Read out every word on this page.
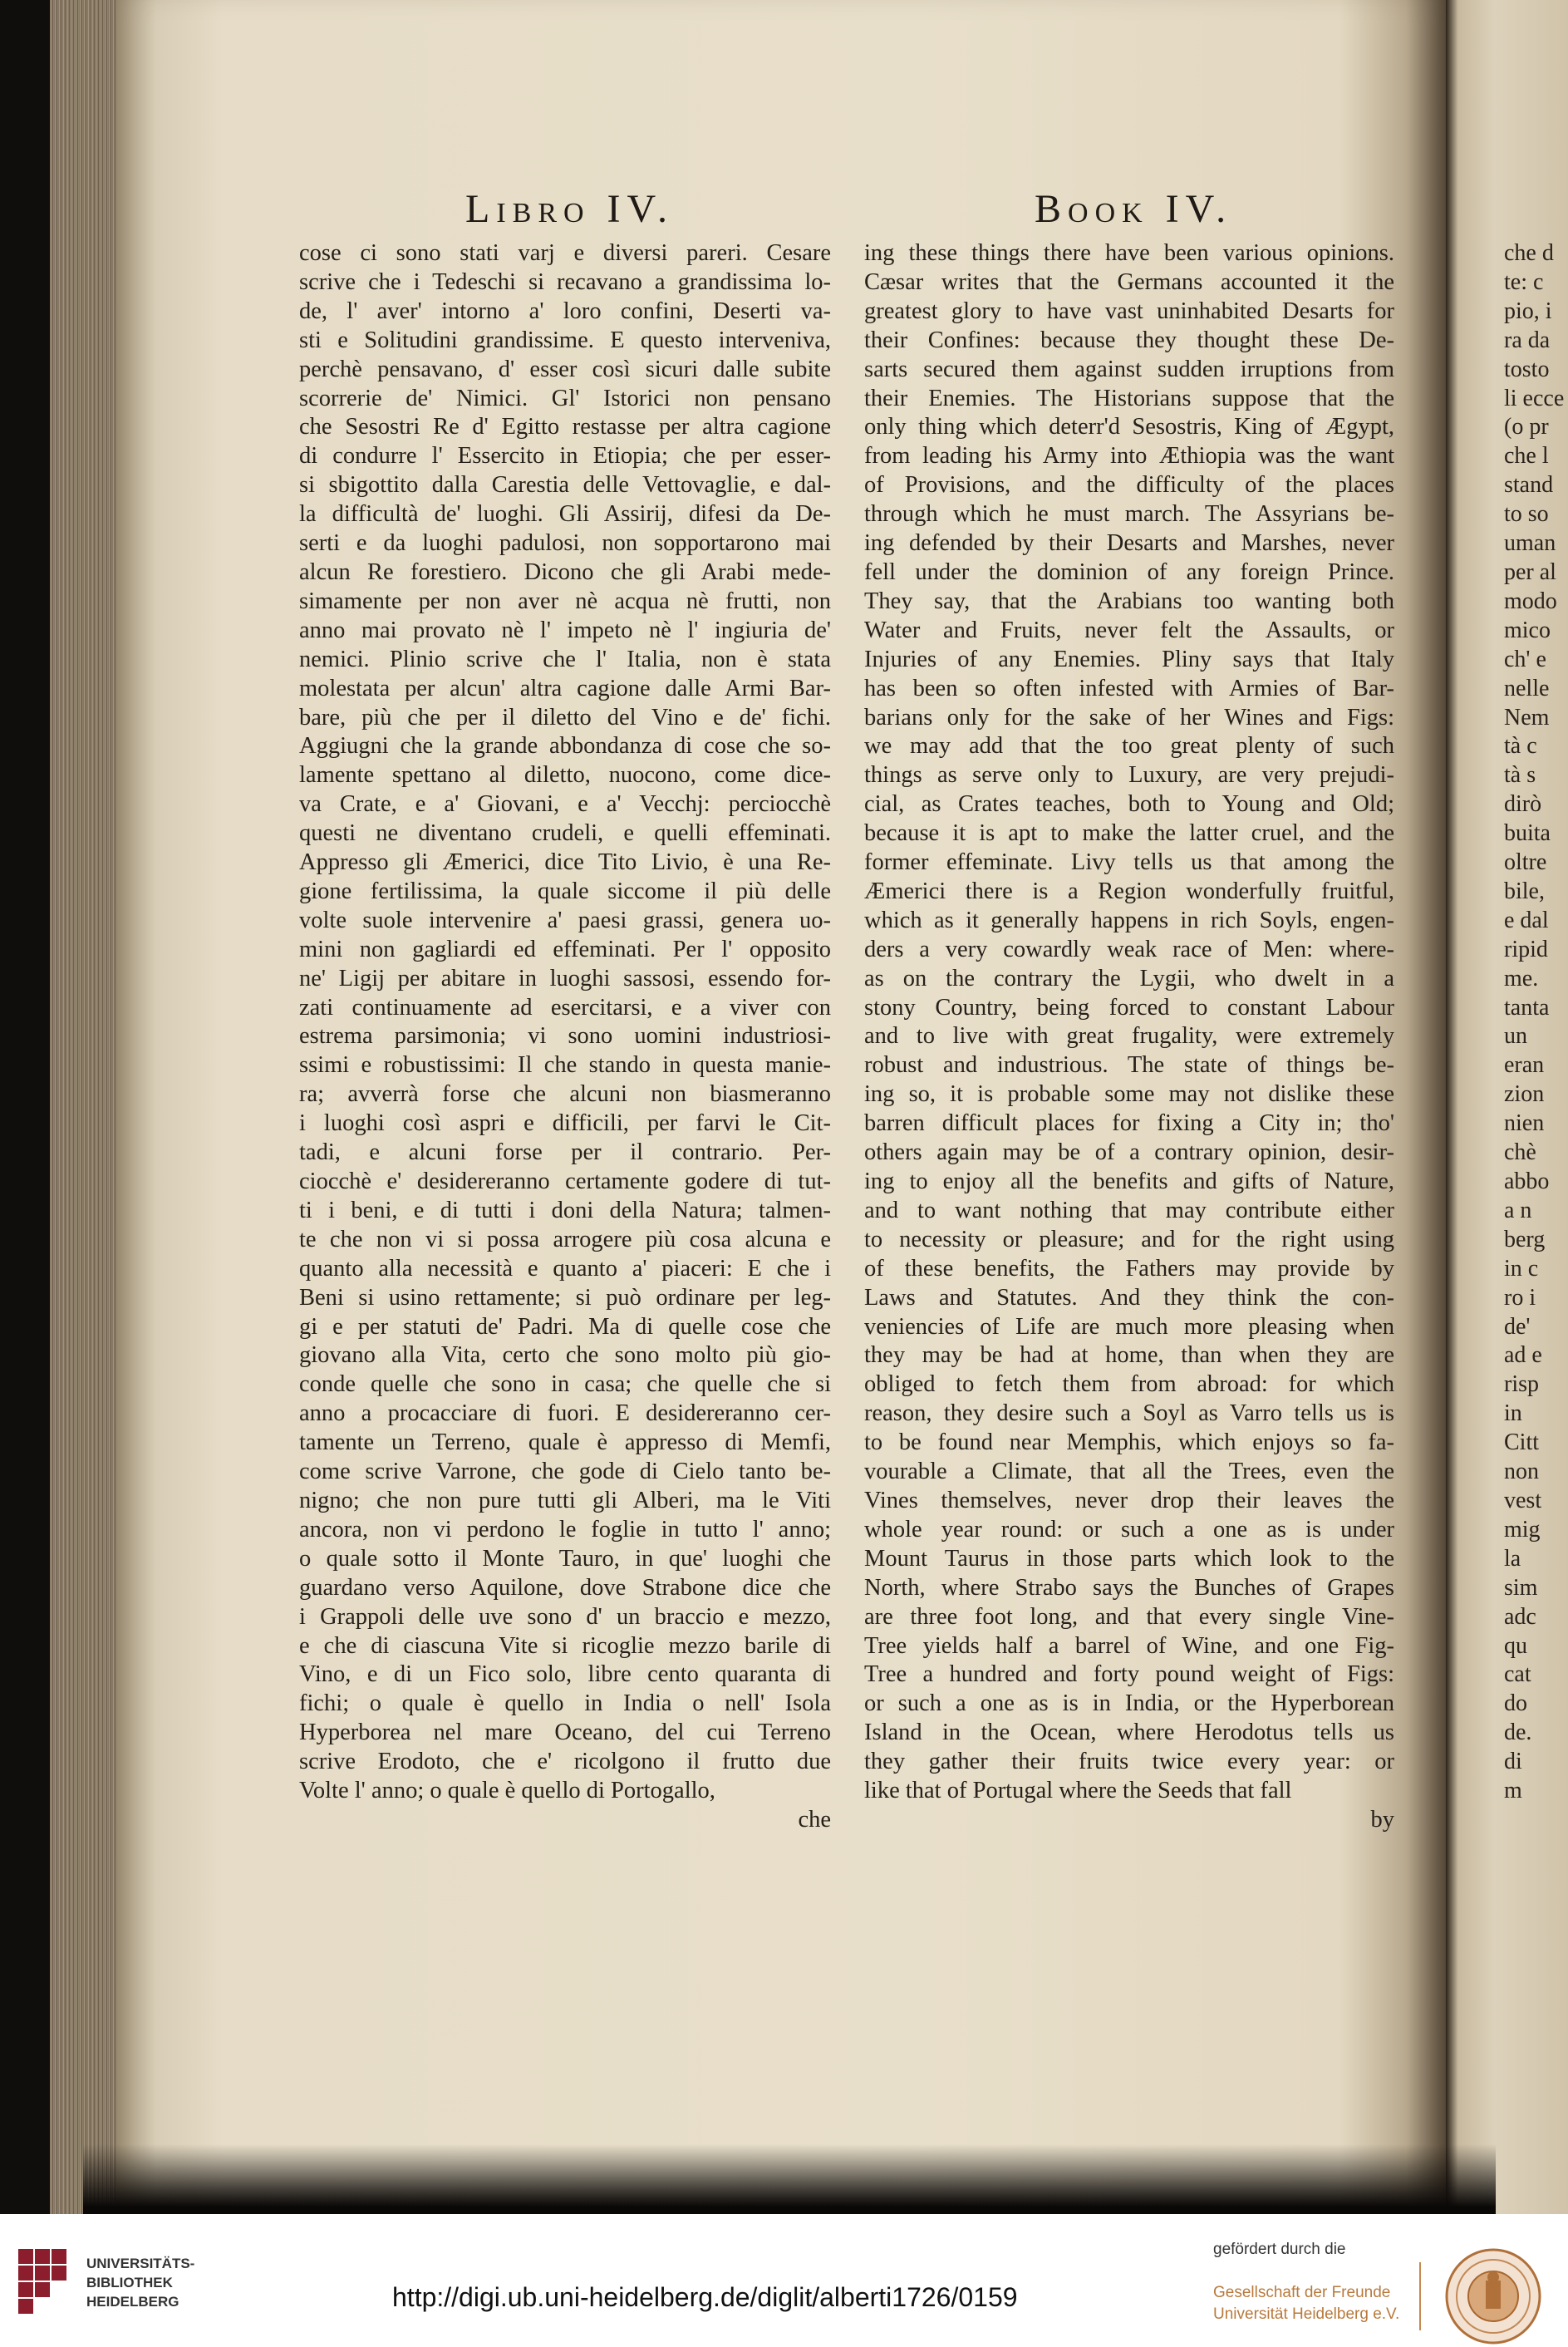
Libro IV.	Book IV.
cose ci sono stati varj e diversi pareri. Cesare
scrive che i Tedeschi si recavano a grandissima lo-
de, l' aver' intorno a' loro confini, Deserti va-
sti e Solitudini grandissime. E questo interveniva,
perchè pensavano, d' esser così sicuri dalle subite
scorrerie de' Nimici. Gl' Istorici non pensano
che Sesostri Re d' Egitto restasse per altra cagione
di condurre l' Essercito in Etiopia; che per esser-
si sbigottito dalla Carestia delle Vettovaglie, e dal-
la difficultà de' luoghi. Gli Assirij, difesi da De-
serti e da luoghi padulosi, non sopportarono mai
alcun Re forestiero. Dicono che gli Arabi mede-
simamente per non aver nè acqua nè frutti, non
anno mai provato nè l' impeto nè l' ingiuria de'
nemici. Plinio scrive che l' Italia, non è stata
molestata per alcun' altra cagione dalle Armi Bar-
bare, più che per il diletto del Vino e de' fichi.
Aggiugni che la grande abbondanza di cose che so-
lamente spettano al diletto, nuocono, come dice-
va Crate, e a' Giovani, e a' Vecchj: perciocchè
questi ne diventano crudeli, e quelli effeminati.
Appresso gli Æmerici, dice Tito Livio, è una Re-
gione fertilissima, la quale siccome il più delle
volte suole intervenire a' paesi grassi, genera uo-
mini non gagliardi ed effeminati. Per l' opposito
ne' Ligij per abitare in luoghi sassosi, essendo for-
zati continuamente ad esercitarsi, e a viver con
estrema parsimonia; vi sono uomini industriosi-
ssimi e robustissimi: Il che stando in questa manie-
ra; avverrà forse che alcuni non biasmeranno
i luoghi così aspri e difficili, per farvi le Cit-
tadi, e alcuni forse per il contrario. Per-
ciocchè e' desidereranno certamente godere di tut-
ti i beni, e di tutti i doni della Natura; talmen-
te che non vi si possa arrogere più cosa alcuna e
quanto alla necessità e quanto a' piaceri: E che i
Beni si usino rettamente; si può ordinare per leg-
gi e per statuti de' Padri. Ma di quelle cose che
giovano alla Vita, certo che sono molto più gio-
conde quelle che sono in casa; che quelle che si
anno a procacciare di fuori. E desidereranno cer-
tamente un Terreno, quale è appresso di Memfi,
come scrive Varrone, che gode di Cielo tanto be-
nigno; che non pure tutti gli Alberi, ma le Viti
ancora, non vi perdono le foglie in tutto l' anno;
o quale sotto il Monte Tauro, in que' luoghi che
guardano verso Aquilone, dove Strabone dice che
i Grappoli delle uve sono d' un braccio e mezzo,
e che di ciascuna Vite si ricoglie mezzo barile di
Vino, e di un Fico solo, libre cento quaranta di
fichi; o quale è quello in India o nell' Isola
Hyperborea nel mare Oceano, del cui Terreno
scrive Erodoto, che e' ricolgono il frutto due
Volte l' anno; o quale è quello di Portogallo,
che
ing these things there have been various opinions.
Cæsar writes that the Germans accounted it the
greatest glory to have vast uninhabited Desarts for
their Confines: because they thought these De-
sarts secured them against sudden irruptions from
their Enemies. The Historians suppose that the
only thing which deterr'd Sesostris, King of Ægypt,
from leading his Army into Æthiopia was the want
of Provisions, and the difficulty of the places
through which he must march. The Assyrians be-
ing defended by their Desarts and Marshes, never
fell under the dominion of any foreign Prince.
They say, that the Arabians too wanting both
Water and Fruits, never felt the Assaults, or
Injuries of any Enemies. Pliny says that Italy
has been so often infested with Armies of Bar-
barians only for the sake of her Wines and Figs:
we may add that the too great plenty of such
things as serve only to Luxury, are very prejudi-
cial, as Crates teaches, both to Young and Old;
because it is apt to make the latter cruel, and the
former effeminate. Livy tells us that among the
Æmerici there is a Region wonderfully fruitful,
which as it generally happens in rich Soyls, engen-
ders a very cowardly weak race of Men: where-
as on the contrary the Lygii, who dwelt in a
stony Country, being forced to constant Labour
and to live with great frugality, were extremely
robust and industrious. The state of things be-
ing so, it is probable some may not dislike these
barren difficult places for fixing a City in; tho'
others again may be of a contrary opinion, desir-
ing to enjoy all the benefits and gifts of Nature,
and to want nothing that may contribute either
to necessity or pleasure; and for the right using
of these benefits, the Fathers may provide by
Laws and Statutes. And they think the con-
veniencies of Life are much more pleasing when
they may be had at home, than when they are
obliged to fetch them from abroad: for which
reason, they desire such a Soyl as Varro tells us is
to be found near Memphis, which enjoys so fa-
vourable a Climate, that all the Trees, even the
Vines themselves, never drop their leaves the
whole year round: or such a one as is under
Mount Taurus in those parts which look to the
North, where Strabo says the Bunches of Grapes
are three foot long, and that every single Vine-
Tree yields half a barrel of Wine, and one Fig-
Tree a hundred and forty pound weight of Figs:
or such a one as is in India, or the Hyperborean
Island in the Ocean, where Herodotus tells us
they gather their fruits twice every year: or
like that of Portugal where the Seeds that fall
by
che d
te: c
pio, i
ra da
tosto
li ecce
(o pr
che l
stand
to so
uman
per al
modo
mico
ch' e
nelle
Nem
tà c
tà s
dirò
buita
oltre
bile,
e dal
ripid
me.
tanta
un
eran
zion
nien
chè
abbo
a n
berg
in c
ro i
de'
ad e
risp
in
Citt
non
vest
mig
la
sim
adc
qu
cat
do
de.
di
m
UNIVERSITÄTS-
BIBLIOTHEK
HEIDELBERG	http://digi.ub.uni-heidelberg.de/diglit/alberti1726/0159
gefördert durch die
Gesellschaft der Freunde
Universität Heidelberg e.V.
